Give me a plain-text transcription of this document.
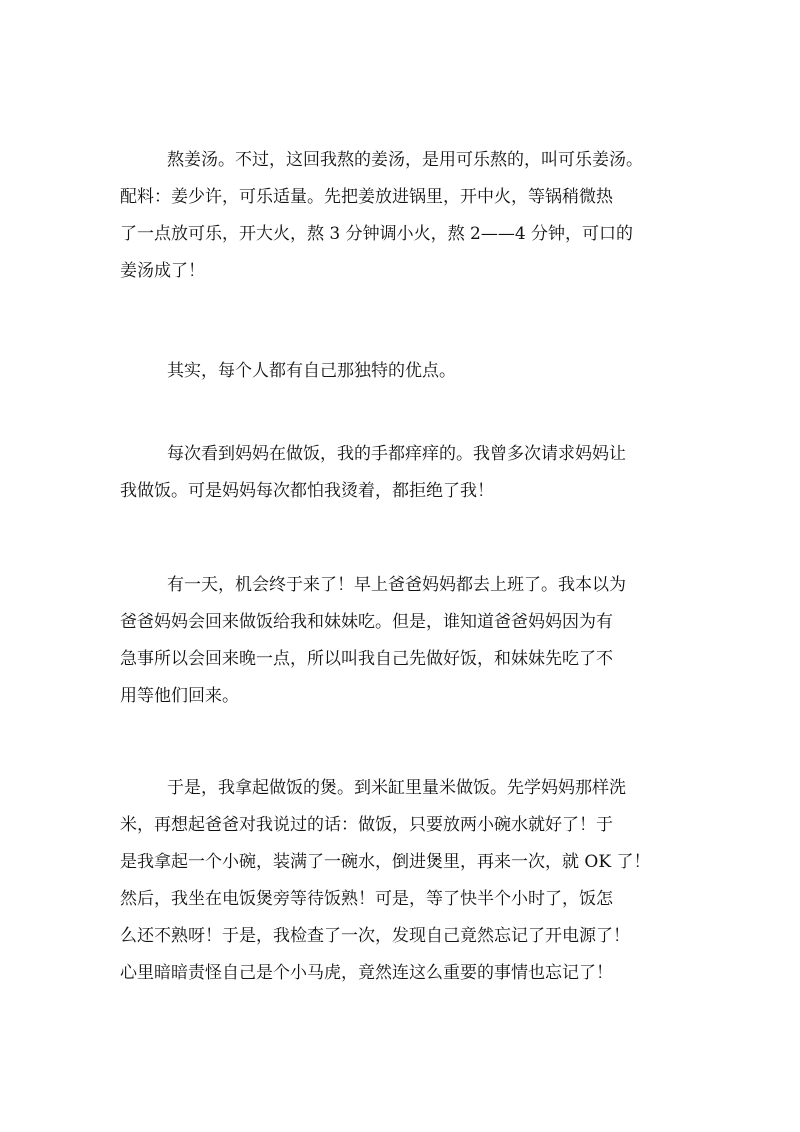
熬姜汤。不过，这回我熬的姜汤，是用可乐熬的，叫可乐姜汤。
配料：姜少许，可乐适量。先把姜放进锅里，开中火，等锅稍微热
了一点放可乐，开大火，熬 3 分钟调小火，熬 2——4 分钟，可口的
姜汤成了！
其实，每个人都有自己那独特的优点。
每次看到妈妈在做饭，我的手都痒痒的。我曾多次请求妈妈让
我做饭。可是妈妈每次都怕我烫着，都拒绝了我！
有一天，机会终于来了！早上爸爸妈妈都去上班了。我本以为
爸爸妈妈会回来做饭给我和妹妹吃。但是，谁知道爸爸妈妈因为有
急事所以会回来晚一点，所以叫我自己先做好饭，和妹妹先吃了不
用等他们回来。
于是，我拿起做饭的煲。到米缸里量米做饭。先学妈妈那样洗
米，再想起爸爸对我说过的话：做饭，只要放两小碗水就好了！于
是我拿起一个小碗，装满了一碗水，倒进煲里，再来一次，就 OK 了！
然后，我坐在电饭煲旁等待饭熟！可是，等了快半个小时了，饭怎
么还不熟呀！于是，我检查了一次，发现自己竟然忘记了开电源了！
心里暗暗责怪自己是个小马虎，竟然连这么重要的事情也忘记了！
